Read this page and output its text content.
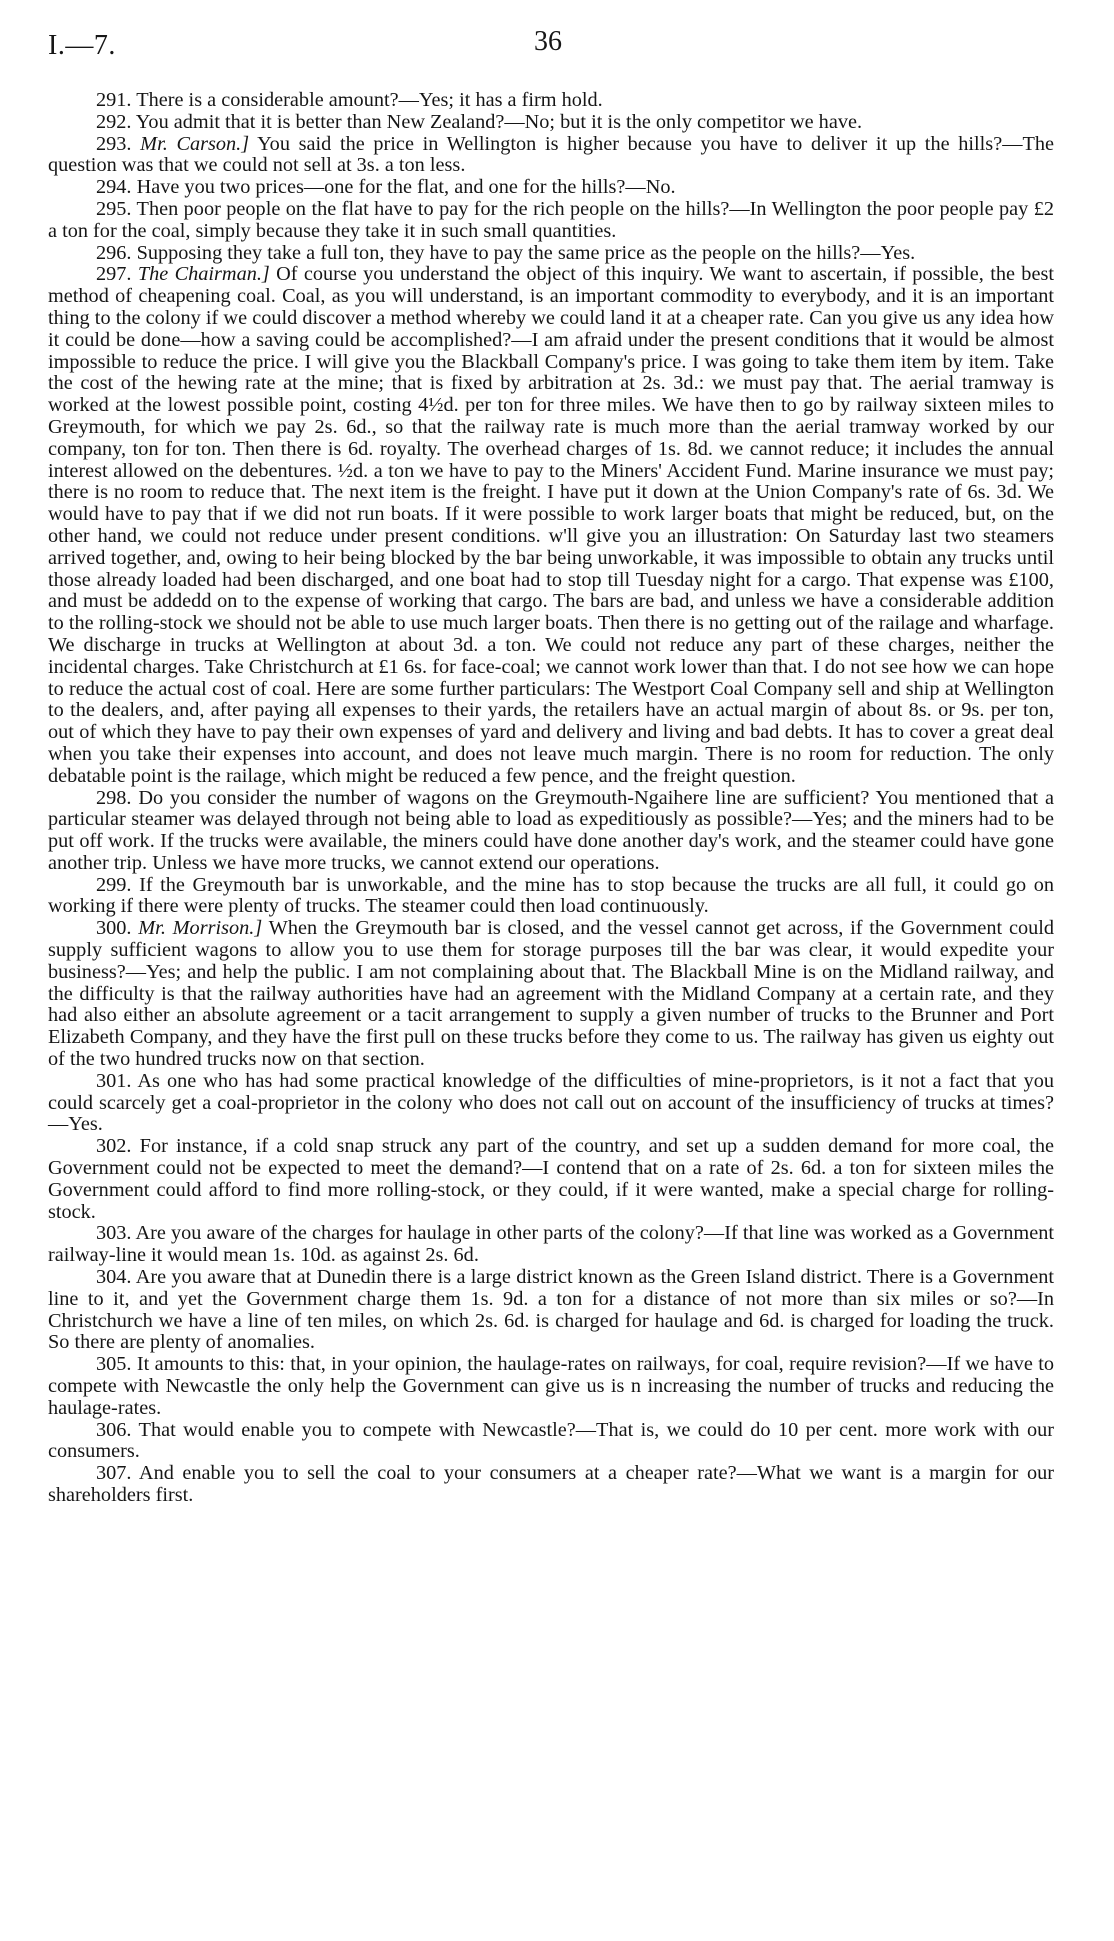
I.—7.	36

291. There is a considerable amount?—Yes; it has a firm hold.

292. You admit that it is better than New Zealand?—No; but it is the only competitor we have.

293. Mr. Carson.] You said the price in Wellington is higher because you have to deliver it up the hills?—The question was that we could not sell at 3s. a ton less.

294. Have you two prices—one for the flat, and one for the hills?—No.

295. Then poor people on the flat have to pay for the rich people on the hills?—In Wellington the poor people pay £2 a ton for the coal, simply because they take it in such small quantities.

296. Supposing they take a full ton, they have to pay the same price as the people on the hills?—Yes.

297. The Chairman.] Of course you understand the object of this inquiry. We want to ascertain, if possible, the best method of cheapening coal. Coal, as you will understand, is an important commodity to everybody, and it is an important thing to the colony if we could discover a method whereby we could land it at a cheaper rate. Can you give us any idea how it could be done—how a saving could be accomplished?—I am afraid under the present conditions that it would be almost impossible to reduce the price. I will give you the Blackball Company's price. I was going to take them item by item. Take the cost of the hewing rate at the mine; that is fixed by arbitration at 2s. 3d.: we must pay that. The aerial tramway is worked at the lowest possible point, costing 4½d. per ton for three miles. We have then to go by railway sixteen miles to Greymouth, for which we pay 2s. 6d., so that the railway rate is much more than the aerial tramway worked by our company, ton for ton. Then there is 6d. royalty. The overhead charges of 1s. 8d. we cannot reduce; it includes the annual interest allowed on the debentures. ½d. a ton we have to pay to the Miners' Accident Fund. Marine insurance we must pay; there is no room to reduce that. The next item is the freight. I have put it down at the Union Company's rate of 6s. 3d. We would have to pay that if we did not run boats. If it were possible to work larger boats that might be reduced, but, on the other hand, we could not reduce under present conditions. w'll give you an illustration: On Saturday last two steamers arrived together, and, owing to heir being blocked by the bar being unworkable, it was impossible to obtain any trucks until those already loaded had been discharged, and one boat had to stop till Tuesday night for a cargo. That expense was £100, and must be addedd on to the expense of working that cargo. The bars are bad, and unless we have a considerable addition to the rolling-stock we should not be able to use much larger boats. Then there is no getting out of the railage and wharfage. We discharge in trucks at Wellington at about 3d. a ton. We could not reduce any part of these charges, neither the incidental charges. Take Christchurch at £1 6s. for face-coal; we cannot work lower than that. I do not see how we can hope to reduce the actual cost of coal. Here are some further particulars: The Westport Coal Company sell and ship at Wellington to the dealers, and, after paying all expenses to their yards, the retailers have an actual margin of about 8s. or 9s. per ton, out of which they have to pay their own expenses of yard and delivery and living and bad debts. It has to cover a great deal when you take their expenses into account, and does not leave much margin. There is no room for reduction. The only debatable point is the railage, which might be reduced a few pence, and the freight question.

298. Do you consider the number of wagons on the Greymouth-Ngaihere line are sufficient? You mentioned that a particular steamer was delayed through not being able to load as expeditiously as possible?—Yes; and the miners had to be put off work. If the trucks were available, the miners could have done another day's work, and the steamer could have gone another trip. Unless we have more trucks, we cannot extend our operations.

299. If the Greymouth bar is unworkable, and the mine has to stop because the trucks are all full, it could go on working if there were plenty of trucks. The steamer could then load continuously.

300. Mr. Morrison.] When the Greymouth bar is closed, and the vessel cannot get across, if the Government could supply sufficient wagons to allow you to use them for storage purposes till the bar was clear, it would expedite your business?—Yes; and help the public. I am not complaining about that. The Blackball Mine is on the Midland railway, and the difficulty is that the railway authorities have had an agreement with the Midland Company at a certain rate, and they had also either an absolute agreement or a tacit arrangement to supply a given number of trucks to the Brunner and Port Elizabeth Company, and they have the first pull on these trucks before they come to us. The railway has given us eighty out of the two hundred trucks now on that section.

301. As one who has had some practical knowledge of the difficulties of mine-proprietors, is it not a fact that you could scarcely get a coal-proprietor in the colony who does not call out on account of the insufficiency of trucks at times?—Yes.

302. For instance, if a cold snap struck any part of the country, and set up a sudden demand for more coal, the Government could not be expected to meet the demand?—I contend that on a rate of 2s. 6d. a ton for sixteen miles the Government could afford to find more rolling-stock, or they could, if it were wanted, make a special charge for rolling-stock.

303. Are you aware of the charges for haulage in other parts of the colony?—If that line was worked as a Government railway-line it would mean 1s. 10d. as against 2s. 6d.

304. Are you aware that at Dunedin there is a large district known as the Green Island district. There is a Government line to it, and yet the Government charge them 1s. 9d. a ton for a distance of not more than six miles or so?—In Christchurch we have a line of ten miles, on which 2s. 6d. is charged for haulage and 6d. is charged for loading the truck. So there are plenty of anomalies.

305. It amounts to this: that, in your opinion, the haulage-rates on railways, for coal, require revision?—If we have to compete with Newcastle the only help the Government can give us is n increasing the number of trucks and reducing the haulage-rates.

306. That would enable you to compete with Newcastle?—That is, we could do 10 per cent. more work with our consumers.

307. And enable you to sell the coal to your consumers at a cheaper rate?—What we want is a margin for our shareholders first.
